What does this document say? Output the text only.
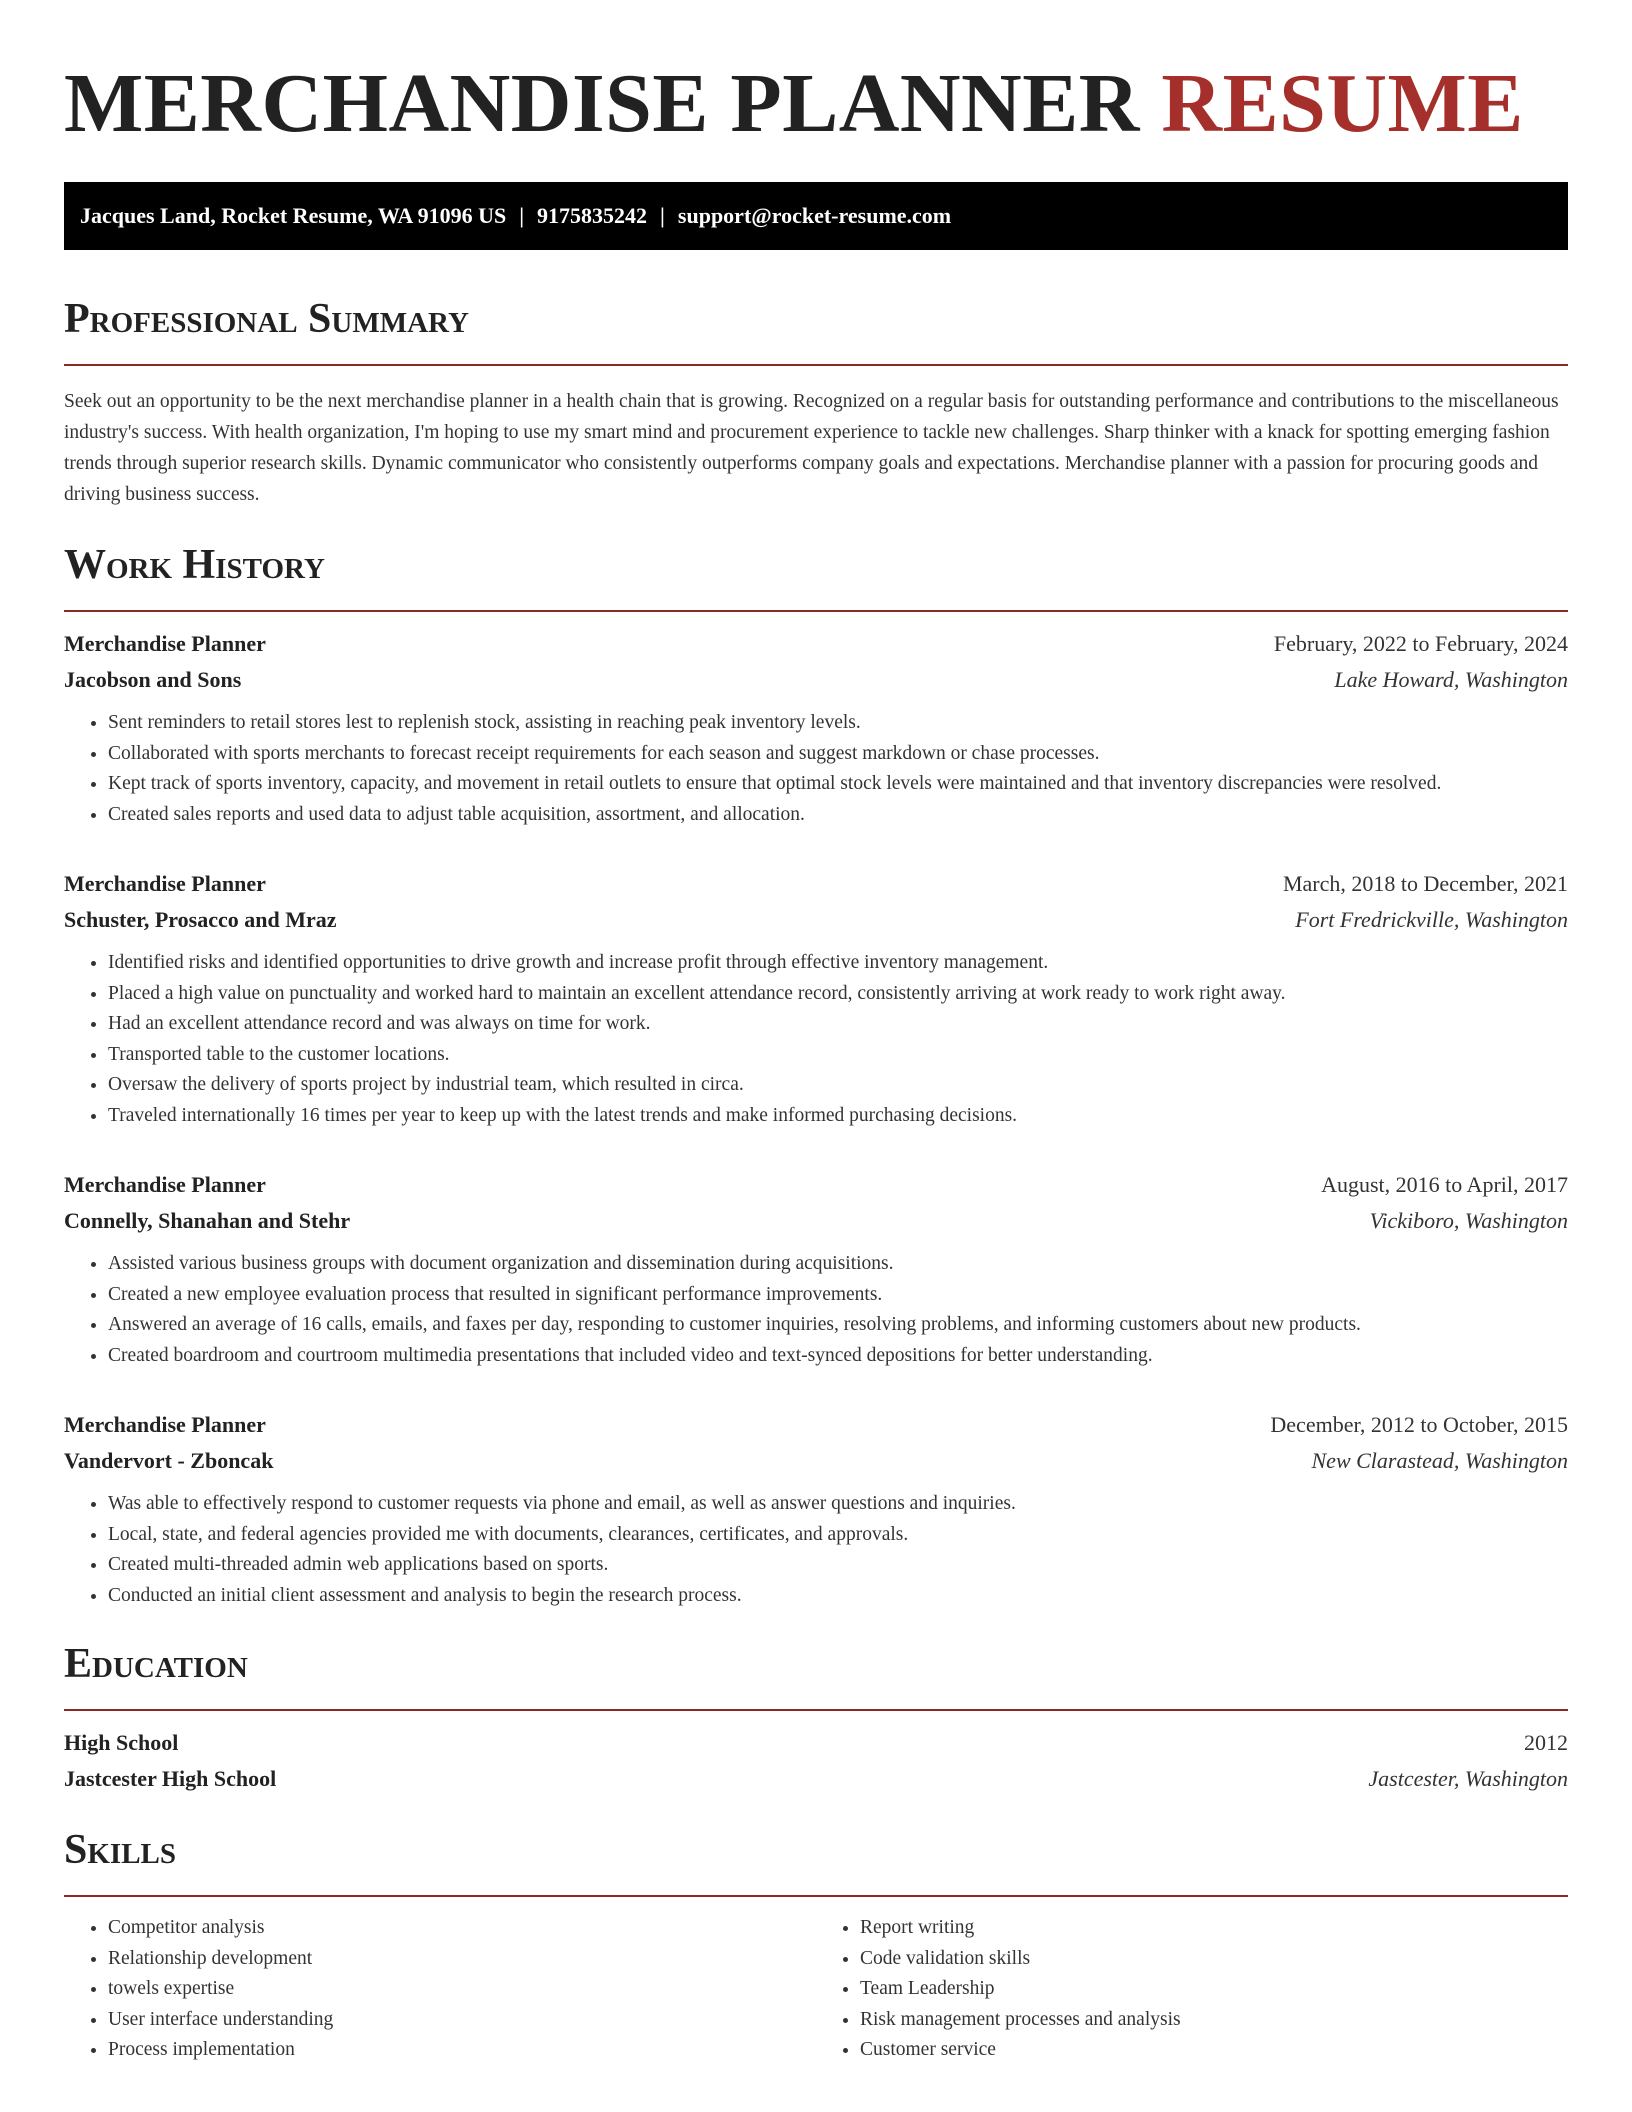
MERCHANDISE PLANNER RESUME
Jacques Land, Rocket Resume, WA 91096 US | 9175835242 | support@rocket-resume.com
Professional Summary

Seek out an opportunity to be the next merchandise planner in a health chain that is growing. Recognized on a regular basis for outstanding performance and contributions to the miscellaneous industry's success. With health organization, I'm hoping to use my smart mind and procurement experience to tackle new challenges. Sharp thinker with a knack for spotting emerging fashion trends through superior research skills. Dynamic communicator who consistently outperforms company goals and expectations. Merchandise planner with a passion for procuring goods and driving business success.

Work History
Merchandise Planner	February, 2022 to February, 2024
Jacobson and Sons	Lake Howard, Washington
• Sent reminders to retail stores lest to replenish stock, assisting in reaching peak inventory levels.
• Collaborated with sports merchants to forecast receipt requirements for each season and suggest markdown or chase processes.
• Kept track of sports inventory, capacity, and movement in retail outlets to ensure that optimal stock levels were maintained and that inventory discrepancies were resolved.
• Created sales reports and used data to adjust table acquisition, assortment, and allocation.
Merchandise Planner	March, 2018 to December, 2021
Schuster, Prosacco and Mraz	Fort Fredrickville, Washington
• Identified risks and identified opportunities to drive growth and increase profit through effective inventory management.
• Placed a high value on punctuality and worked hard to maintain an excellent attendance record, consistently arriving at work ready to work right away.
• Had an excellent attendance record and was always on time for work.
• Transported table to the customer locations.
• Oversaw the delivery of sports project by industrial team, which resulted in circa.
• Traveled internationally 16 times per year to keep up with the latest trends and make informed purchasing decisions.
Merchandise Planner	August, 2016 to April, 2017
Connelly, Shanahan and Stehr	Vickiboro, Washington
• Assisted various business groups with document organization and dissemination during acquisitions.
• Created a new employee evaluation process that resulted in significant performance improvements.
• Answered an average of 16 calls, emails, and faxes per day, responding to customer inquiries, resolving problems, and informing customers about new products.
• Created boardroom and courtroom multimedia presentations that included video and text-synced depositions for better understanding.
Merchandise Planner	December, 2012 to October, 2015
Vandervort - Zboncak	New Clarastead, Washington
• Was able to effectively respond to customer requests via phone and email, as well as answer questions and inquiries.
• Local, state, and federal agencies provided me with documents, clearances, certificates, and approvals.
• Created multi-threaded admin web applications based on sports.
• Conducted an initial client assessment and analysis to begin the research process.
Education
High School	2012
Jastcester High School	Jastcester, Washington
Skills
• Competitor analysis
• Relationship development
• towels expertise
• User interface understanding
• Process implementation
• Report writing
• Code validation skills
• Team Leadership
• Risk management processes and analysis
• Customer service
